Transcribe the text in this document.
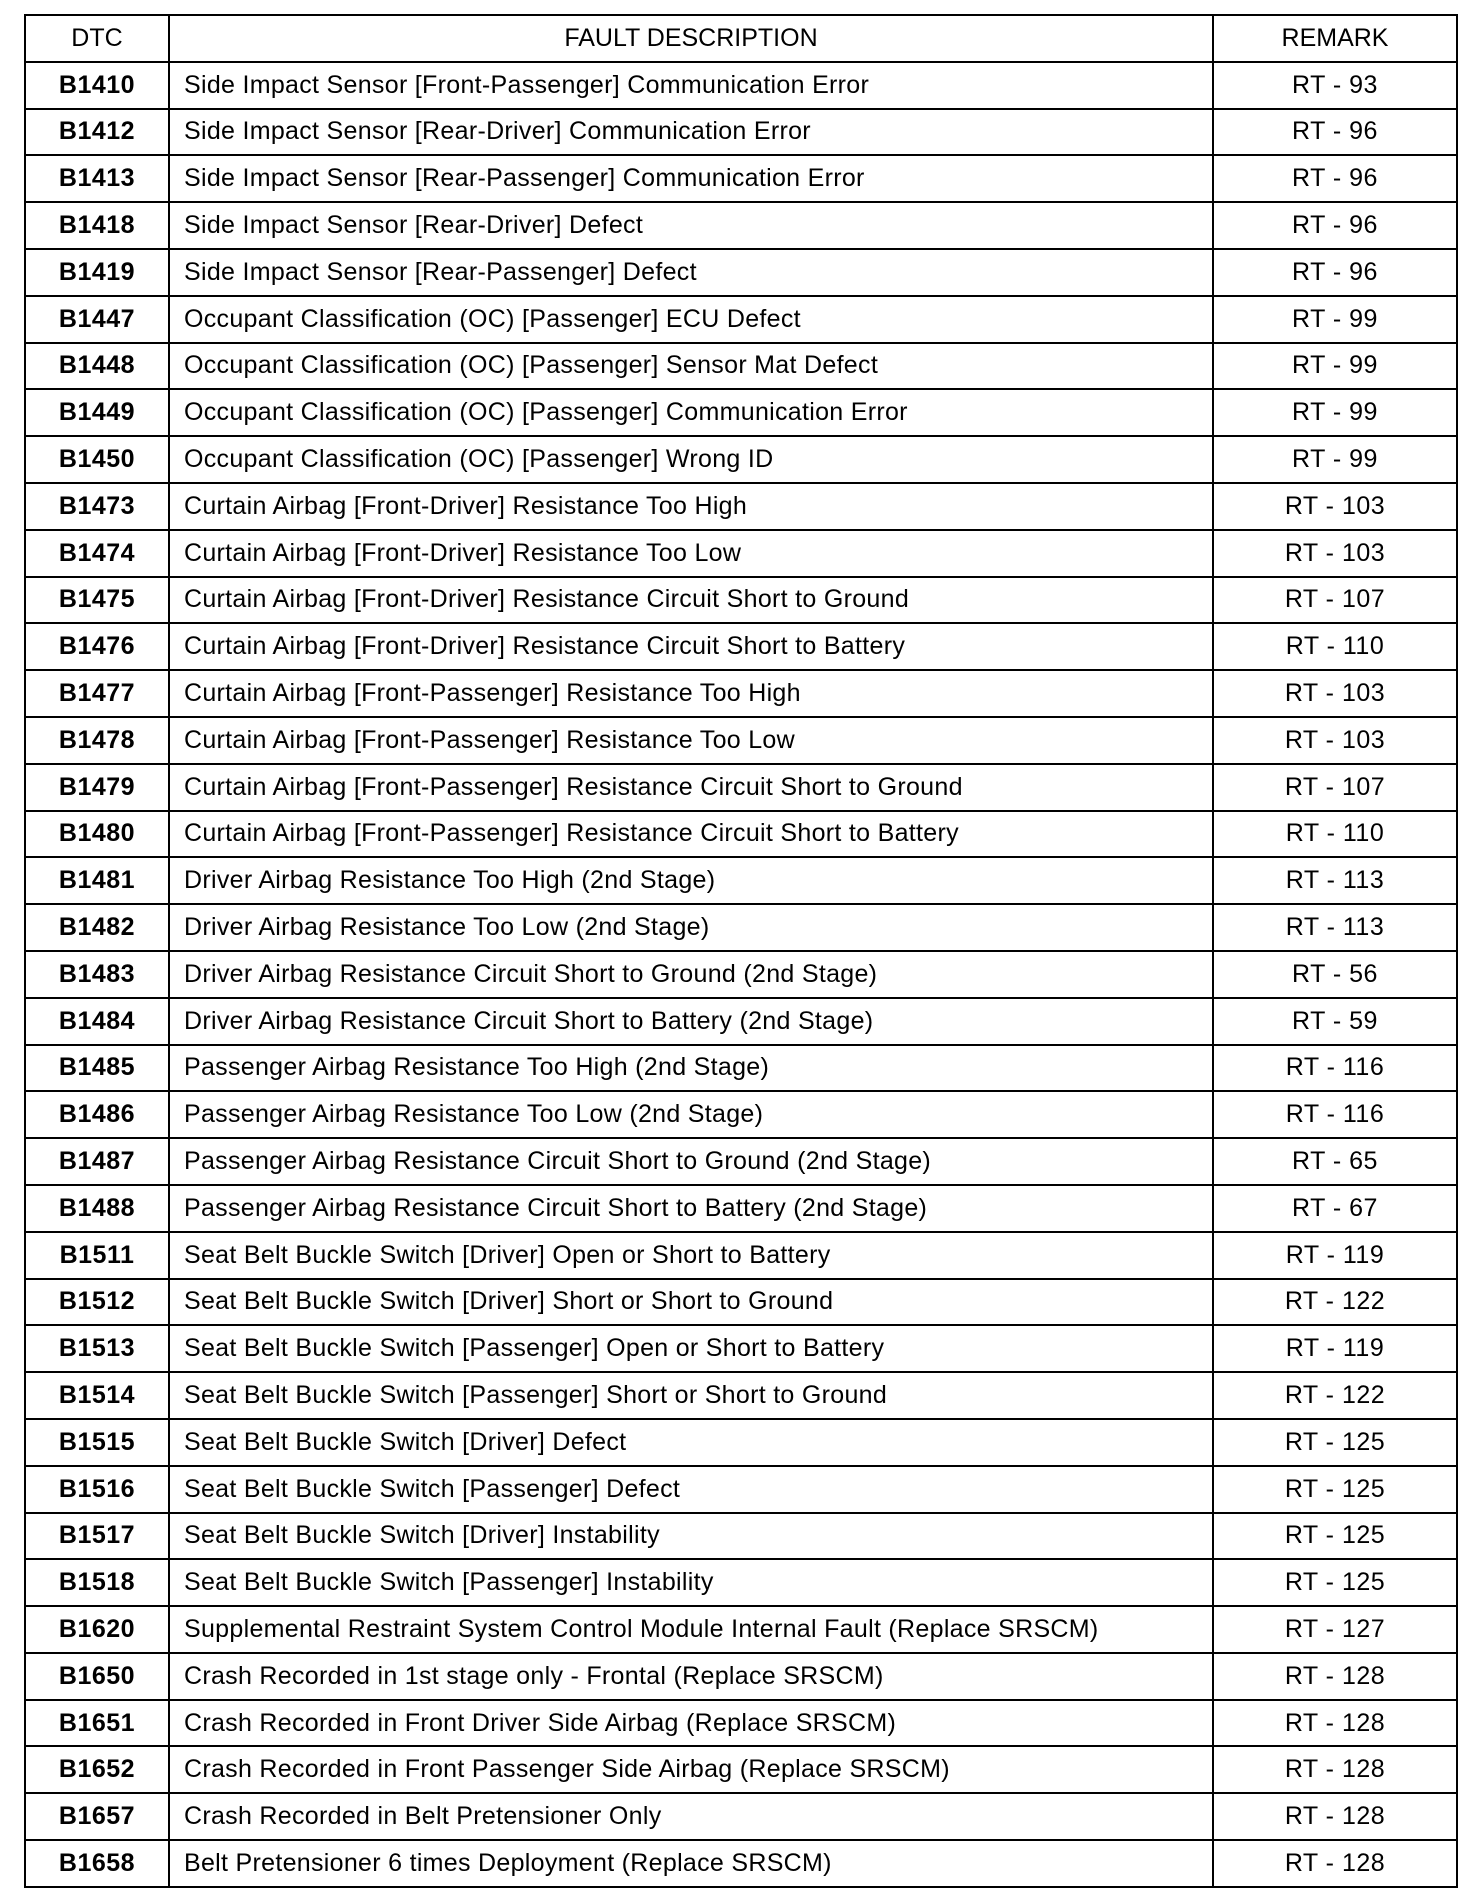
DTC	FAULT DESCRIPTION	REMARK
B1410	Side Impact Sensor [Front-Passenger] Communication Error	RT - 93
B1412	Side Impact Sensor [Rear-Driver] Communication Error	RT - 96
B1413	Side Impact Sensor [Rear-Passenger] Communication Error	RT - 96
B1418	Side Impact Sensor [Rear-Driver] Defect	RT - 96
B1419	Side Impact Sensor [Rear-Passenger] Defect	RT - 96
B1447	Occupant Classification (OC) [Passenger] ECU Defect	RT - 99
B1448	Occupant Classification (OC) [Passenger] Sensor Mat Defect	RT - 99
B1449	Occupant Classification (OC) [Passenger] Communication Error	RT - 99
B1450	Occupant Classification (OC) [Passenger] Wrong ID	RT - 99
B1473	Curtain Airbag [Front-Driver] Resistance Too High	RT - 103
B1474	Curtain Airbag [Front-Driver] Resistance Too Low	RT - 103
B1475	Curtain Airbag [Front-Driver] Resistance Circuit Short to Ground	RT - 107
B1476	Curtain Airbag [Front-Driver] Resistance Circuit Short to Battery	RT - 110
B1477	Curtain Airbag [Front-Passenger] Resistance Too High	RT - 103
B1478	Curtain Airbag [Front-Passenger] Resistance Too Low	RT - 103
B1479	Curtain Airbag [Front-Passenger] Resistance Circuit Short to Ground	RT - 107
B1480	Curtain Airbag [Front-Passenger] Resistance Circuit Short to Battery	RT - 110
B1481	Driver Airbag Resistance Too High (2nd Stage)	RT - 113
B1482	Driver Airbag Resistance Too Low (2nd Stage)	RT - 113
B1483	Driver Airbag Resistance Circuit Short to Ground (2nd Stage)	RT - 56
B1484	Driver Airbag Resistance Circuit Short to Battery (2nd Stage)	RT - 59
B1485	Passenger Airbag Resistance Too High (2nd Stage)	RT - 116
B1486	Passenger Airbag Resistance Too Low (2nd Stage)	RT - 116
B1487	Passenger Airbag Resistance Circuit Short to Ground (2nd Stage)	RT - 65
B1488	Passenger Airbag Resistance Circuit Short to Battery (2nd Stage)	RT - 67
B1511	Seat Belt Buckle Switch [Driver] Open or Short to Battery	RT - 119
B1512	Seat Belt Buckle Switch [Driver] Short or Short to Ground	RT - 122
B1513	Seat Belt Buckle Switch [Passenger] Open or Short to Battery	RT - 119
B1514	Seat Belt Buckle Switch [Passenger] Short or Short to Ground	RT - 122
B1515	Seat Belt Buckle Switch [Driver] Defect	RT - 125
B1516	Seat Belt Buckle Switch [Passenger] Defect	RT - 125
B1517	Seat Belt Buckle Switch [Driver] Instability	RT - 125
B1518	Seat Belt Buckle Switch [Passenger] Instability	RT - 125
B1620	Supplemental Restraint System Control Module Internal Fault (Replace SRSCM)	RT - 127
B1650	Crash Recorded in 1st stage only - Frontal (Replace SRSCM)	RT - 128
B1651	Crash Recorded in Front Driver Side Airbag (Replace SRSCM)	RT - 128
B1652	Crash Recorded in Front Passenger Side Airbag (Replace SRSCM)	RT - 128
B1657	Crash Recorded in Belt Pretensioner Only	RT - 128
B1658	Belt Pretensioner 6 times Deployment (Replace SRSCM)	RT - 128
